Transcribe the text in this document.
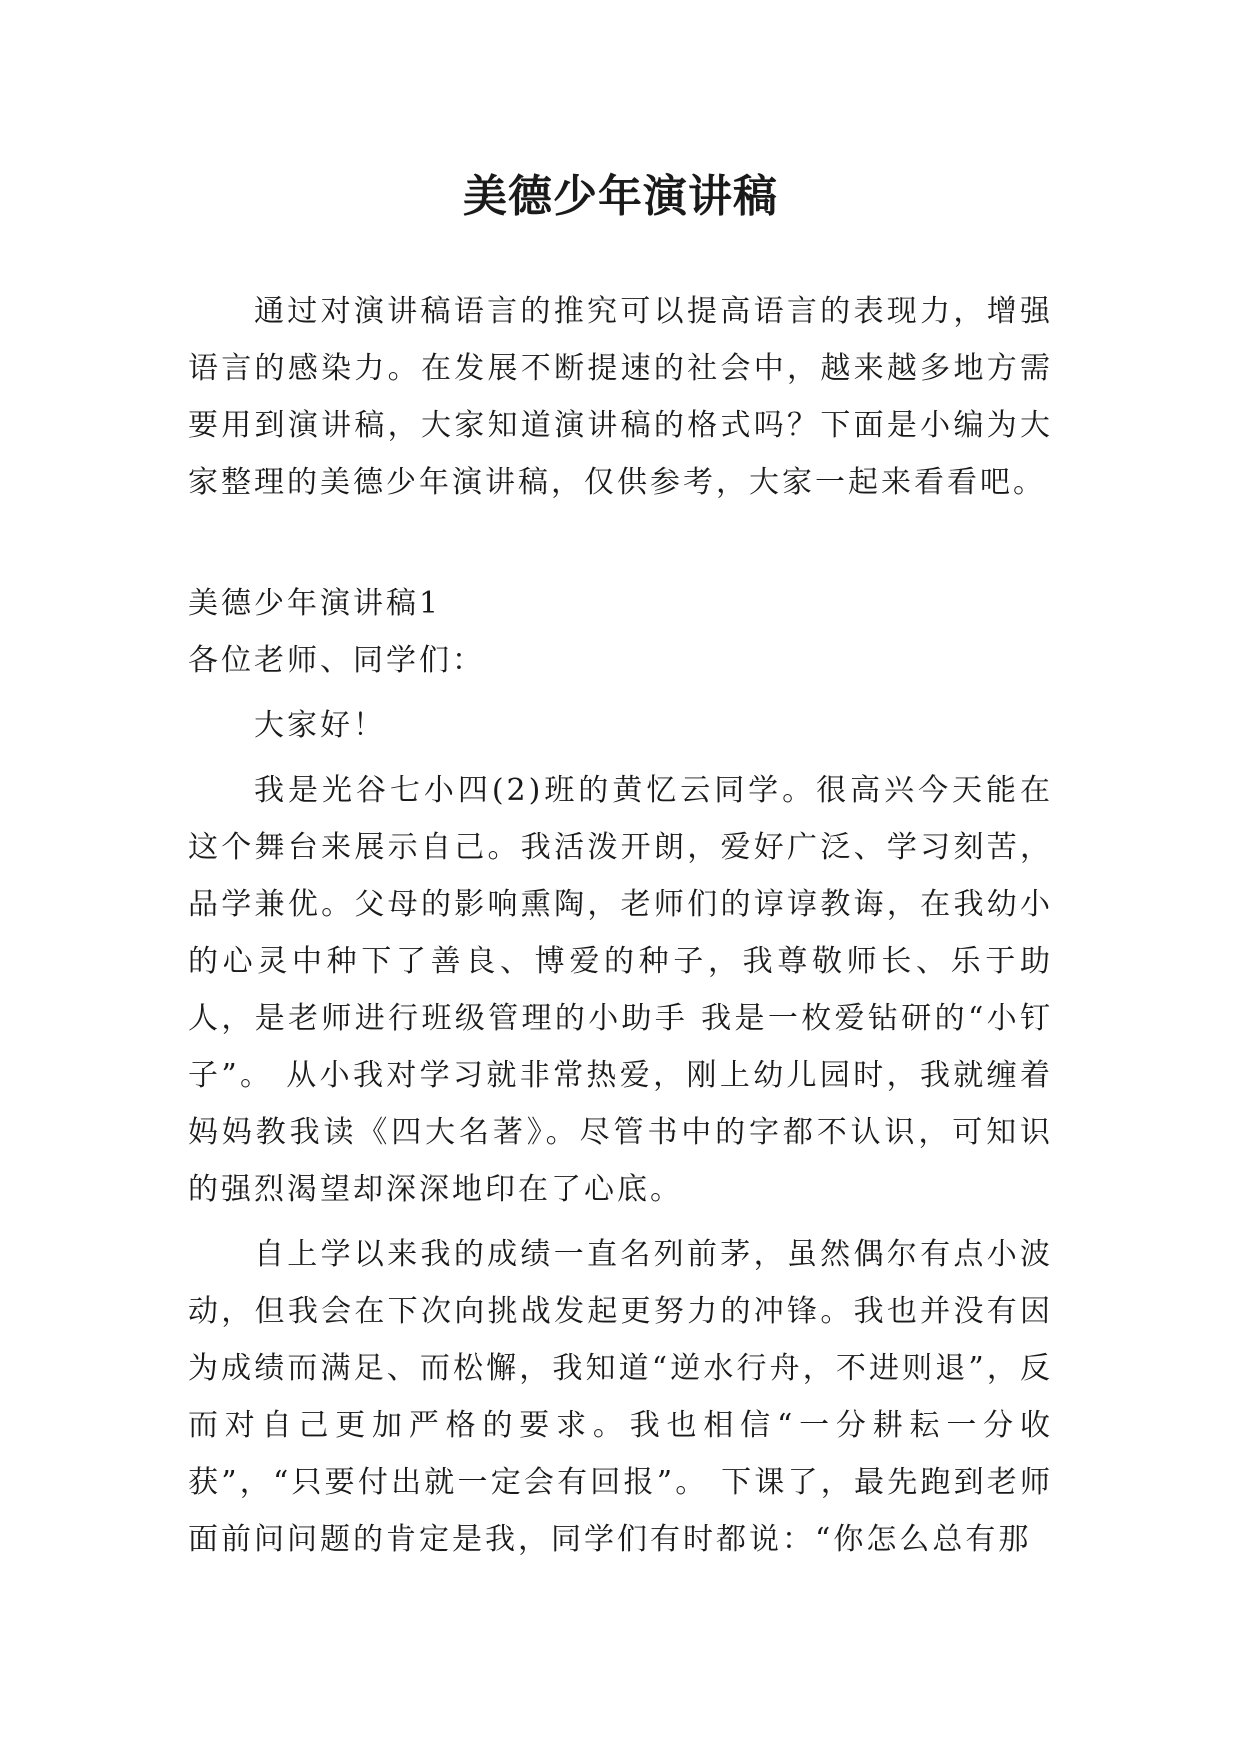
美德少年演讲稿

通过对演讲稿语言的推究可以提高语言的表现力，增强语言的感染力。在发展不断提速的社会中，越来越多地方需要用到演讲稿，大家知道演讲稿的格式吗？下面是小编为大家整理的美德少年演讲稿，仅供参考，大家一起来看看吧。

美德少年演讲稿1

各位老师、同学们：

大家好！

我是光谷七小四(2)班的黄忆云同学。很高兴今天能在这个舞台来展示自己。我活泼开朗，爱好广泛、学习刻苦，品学兼优。父母的影响熏陶，老师们的谆谆教诲，在我幼小的心灵中种下了善良、博爱的种子，我尊敬师长、乐于助人，是老师进行班级管理的小助手 我是一枚爱钻研的“小钉子”。 从小我对学习就非常热爱，刚上幼儿园时，我就缠着妈妈教我读《四大名著》。尽管书中的字都不认识，可知识的强烈渴望却深深地印在了心底。

自上学以来我的成绩一直名列前茅，虽然偶尔有点小波动，但我会在下次向挑战发起更努力的冲锋。我也并没有因为成绩而满足、而松懈，我知道“逆水行舟，不进则退”，反而对自己更加严格的要求。我也相信“一分耕耘一分收获”，“只要付出就一定会有回报”。 下课了，最先跑到老师面前问问题的肯定是我，同学们有时都说：“你怎么总有那
